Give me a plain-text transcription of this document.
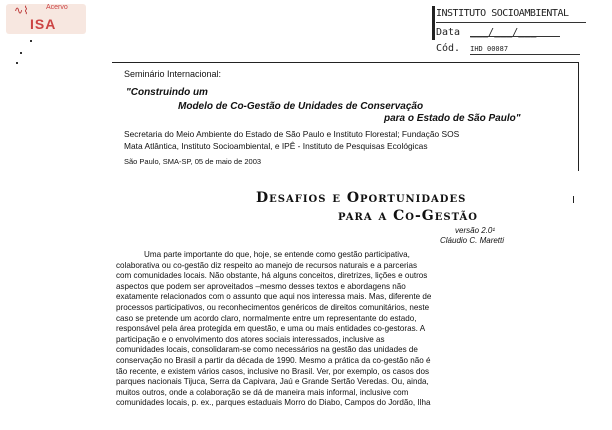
Acervo
∿⌇
ISA
INSTITUTO SOCIOAMBIENTAL
Data ___/___/___
Cód. IHD 00087
Seminário Internacional:
"Construindo um
Modelo de Co-Gestão de Unidades de Conservação
para o Estado de São Paulo"
Secretaria do Meio Ambiente do Estado de São Paulo e Instituto Florestal; Fundação SOS
Mata Atlântica, Instituto Socioambiental, e IPÊ - Instituto de Pesquisas Ecológicas
São Paulo, SMA-SP, 05 de maio de 2003
Desafios e Oportunidades
para a Co-Gestão
versão 2.0¹
Cláudio C. Maretti
Uma parte importante do que, hoje, se entende como gestão participativa,
colaborativa ou co-gestão diz respeito ao manejo de recursos naturais e a parcerias
com comunidades locais. Não obstante, há alguns conceitos, diretrizes, lições e outros
aspectos que podem ser aproveitados –mesmo desses textos e abordagens não
exatamente relacionados com o assunto que aqui nos interessa mais. Mas, diferente de
processos participativos, ou reconhecimentos genéricos de direitos comunitários, neste
caso se pretende um acordo claro, normalmente entre um representante do estado,
responsável pela área protegida em questão, e uma ou mais entidades co-gestoras. A
participação e o envolvimento dos atores sociais interessados, inclusive as
comunidades locais, consolidaram-se como necessários na gestão das unidades de
conservação no Brasil a partir da década de 1990. Mesmo a prática da co-gestão não é
tão recente, e existem vários casos, inclusive no Brasil. Ver, por exemplo, os casos dos
parques nacionais Tijuca, Serra da Capivara, Jaú e Grande Sertão Veredas. Ou, ainda,
muitos outros, onde a colaboração se dá de maneira mais informal, inclusive com
comunidades locais, p. ex., parques estaduais Morro do Diabo, Campos do Jordão, Ilha
